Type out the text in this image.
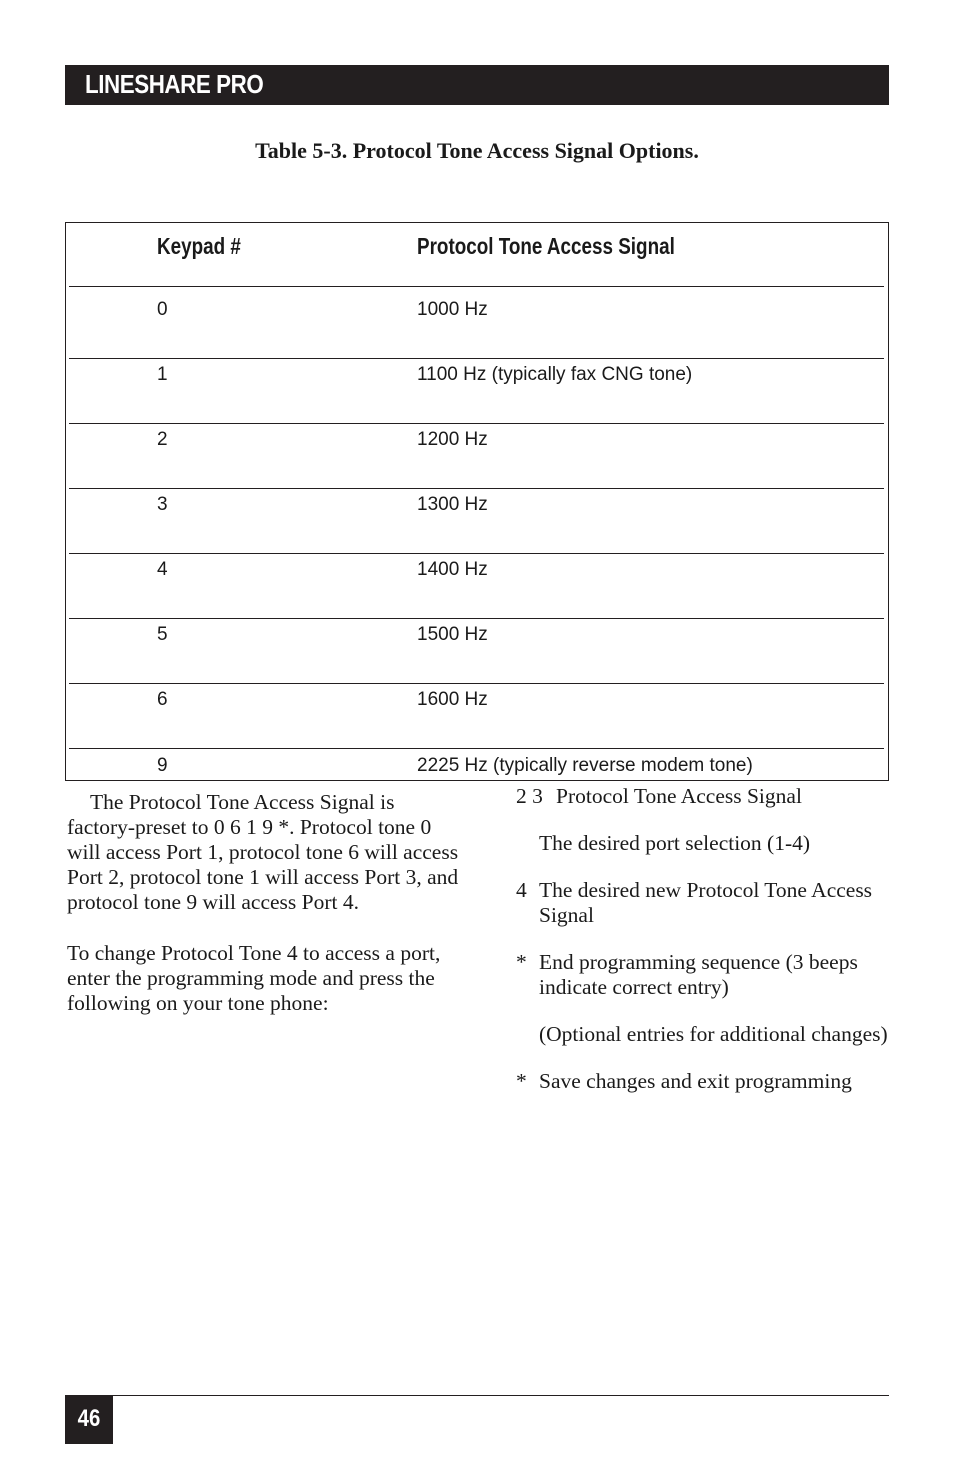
LINESHARE PRO
Table 5-3. Protocol Tone Access Signal Options.
Keypad #	Protocol Tone Access Signal
0	1000 Hz
1	1100 Hz (typically fax CNG tone)
2	1200 Hz
3	1300 Hz
4	1400 Hz
5	1500 Hz
6	1600 Hz
9	2225 Hz (typically reverse modem tone)

The Protocol Tone Access Signal is factory-preset to 0 6 1 9 *. Protocol tone 0 will access Port 1, protocol tone 6 will access Port 2, protocol tone 1 will access Port 3, and protocol tone 9 will access Port 4.

To change Protocol Tone 4 to access a port, enter the programming mode and press the following on your tone phone:

2 3 Protocol Tone Access Signal

The desired port selection (1-4)

4 The desired new Protocol Tone Access Signal

* End programming sequence (3 beeps indicate correct entry)

(Optional entries for additional changes)

* Save changes and exit programming

46
